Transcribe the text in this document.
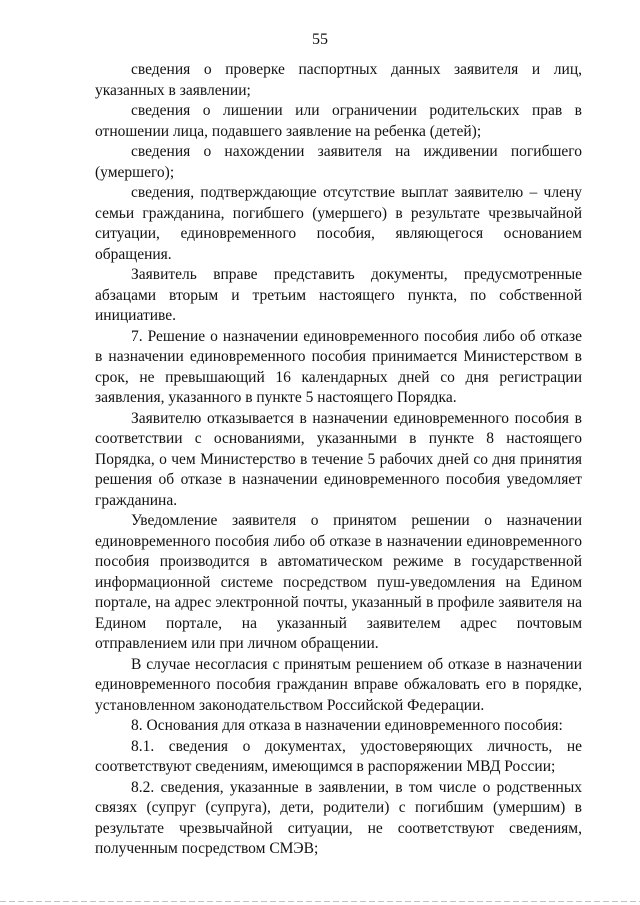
55

сведения о проверке паспортных данных заявителя и лиц, указанных в заявлении;

сведения о лишении или ограничении родительских прав в отношении лица, подавшего заявление на ребенка (детей);

сведения о нахождении заявителя на иждивении погибшего (умершего);

сведения, подтверждающие отсутствие выплат заявителю – члену семьи гражданина, погибшего (умершего) в результате чрезвычайной ситуации, единовременного пособия, являющегося основанием обращения.

Заявитель вправе представить документы, предусмотренные абзацами вторым и третьим настоящего пункта, по собственной инициативе.

7. Решение о назначении единовременного пособия либо об отказе в назначении единовременного пособия принимается Министерством в срок, не превышающий 16 календарных дней со дня регистрации заявления, указанного в пункте 5 настоящего Порядка.

Заявителю отказывается в назначении единовременного пособия в соответствии с основаниями, указанными в пункте 8 настоящего Порядка, о чем Министерство в течение 5 рабочих дней со дня принятия решения об отказе в назначении единовременного пособия уведомляет гражданина.

Уведомление заявителя о принятом решении о назначении единовременного пособия либо об отказе в назначении единовременного пособия производится в автоматическом режиме в государственной информационной системе посредством пуш-уведомления на Едином портале, на адрес электронной почты, указанный в профиле заявителя на Едином портале, на указанный заявителем адрес почтовым отправлением или при личном обращении.

В случае несогласия с принятым решением об отказе в назначении единовременного пособия гражданин вправе обжаловать его в порядке, установленном законодательством Российской Федерации.

8. Основания для отказа в назначении единовременного пособия:

8.1. сведения о документах, удостоверяющих личность, не соответствуют сведениям, имеющимся в распоряжении МВД России;

8.2. сведения, указанные в заявлении, в том числе о родственных связях (супруг (супруга), дети, родители) с погибшим (умершим) в результате чрезвычайной ситуации, не соответствуют сведениям, полученным посредством СМЭВ;
